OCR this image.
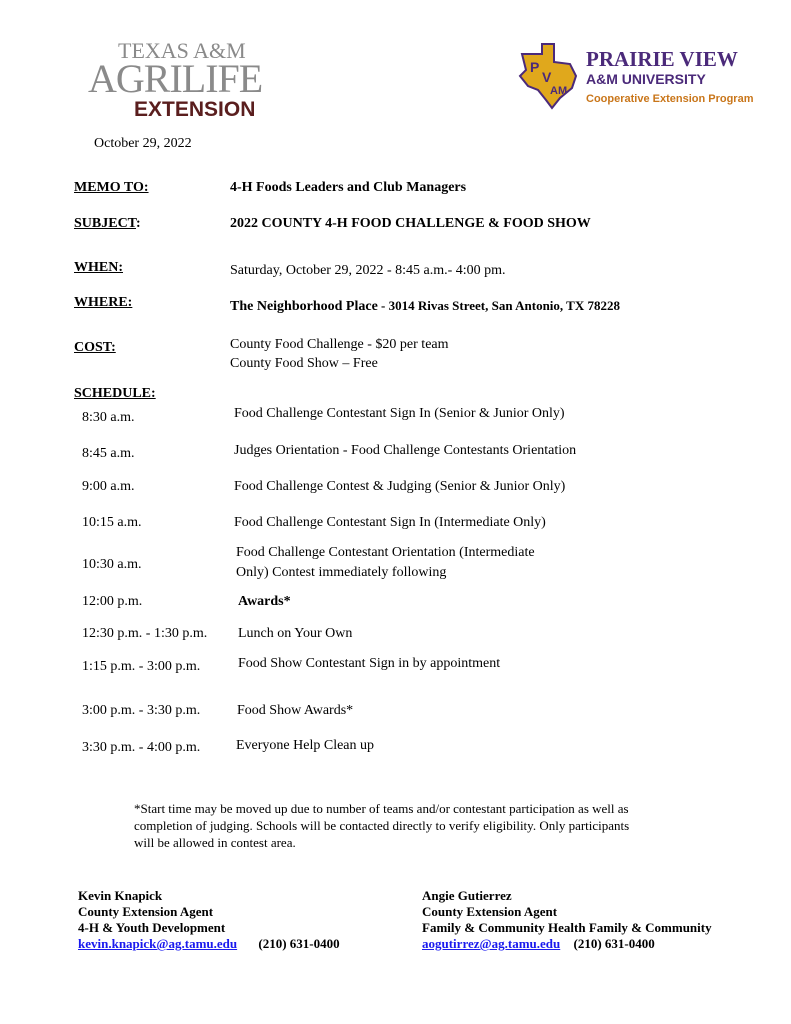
TEXAS A&M
AGRILIFE
EXTENSION
P
V
AM
PRAIRIE VIEW
A&M UNIVERSITY
Cooperative Extension Program
October 29, 2022
MEMO TO:	4-H Foods Leaders and Club Managers
SUBJECT:	2022 COUNTY 4-H FOOD CHALLENGE & FOOD SHOW
WHEN:	Saturday, October 29, 2022 - 8:45 a.m.- 4:00 pm.
WHERE:	The Neighborhood Place - 3014 Rivas Street, San Antonio, TX 78228
COST:	County Food Challenge - $20 per team
County Food Show – Free
SCHEDULE:
8:30 a.m.	Food Challenge Contestant Sign In (Senior & Junior Only)
8:45 a.m.	Judges Orientation - Food Challenge Contestants Orientation
9:00 a.m.	Food Challenge Contest & Judging (Senior & Junior Only)
10:15 a.m.	Food Challenge Contestant Sign In (Intermediate Only)
10:30 a.m.
Food Challenge Contestant Orientation (Intermediate
Only) Contest immediately following
12:00 p.m.	Awards*
12:30 p.m. - 1:30 p.m. Lunch on Your Own
1:15 p.m. - 3:00 p.m.	Food Show Contestant Sign in by appointment
3:00 p.m. - 3:30 p.m.	Food Show Awards*
3:30 p.m. - 4:00 p.m.	Everyone Help Clean up
*Start time may be moved up due to number of teams and/or contestant participation as well as completion of judging. Schools will be contacted directly to verify eligibility. Only participants will be allowed in contest area.
Kevin Knapick
County Extension Agent
4-H & Youth Development
kevin.knapick@ag.tamu.edu (210) 631-0400
Angie Gutierrez
County Extension Agent
Family & Community Health Family & Community
aogutirrez@ag.tamu.edu (210) 631-0400
